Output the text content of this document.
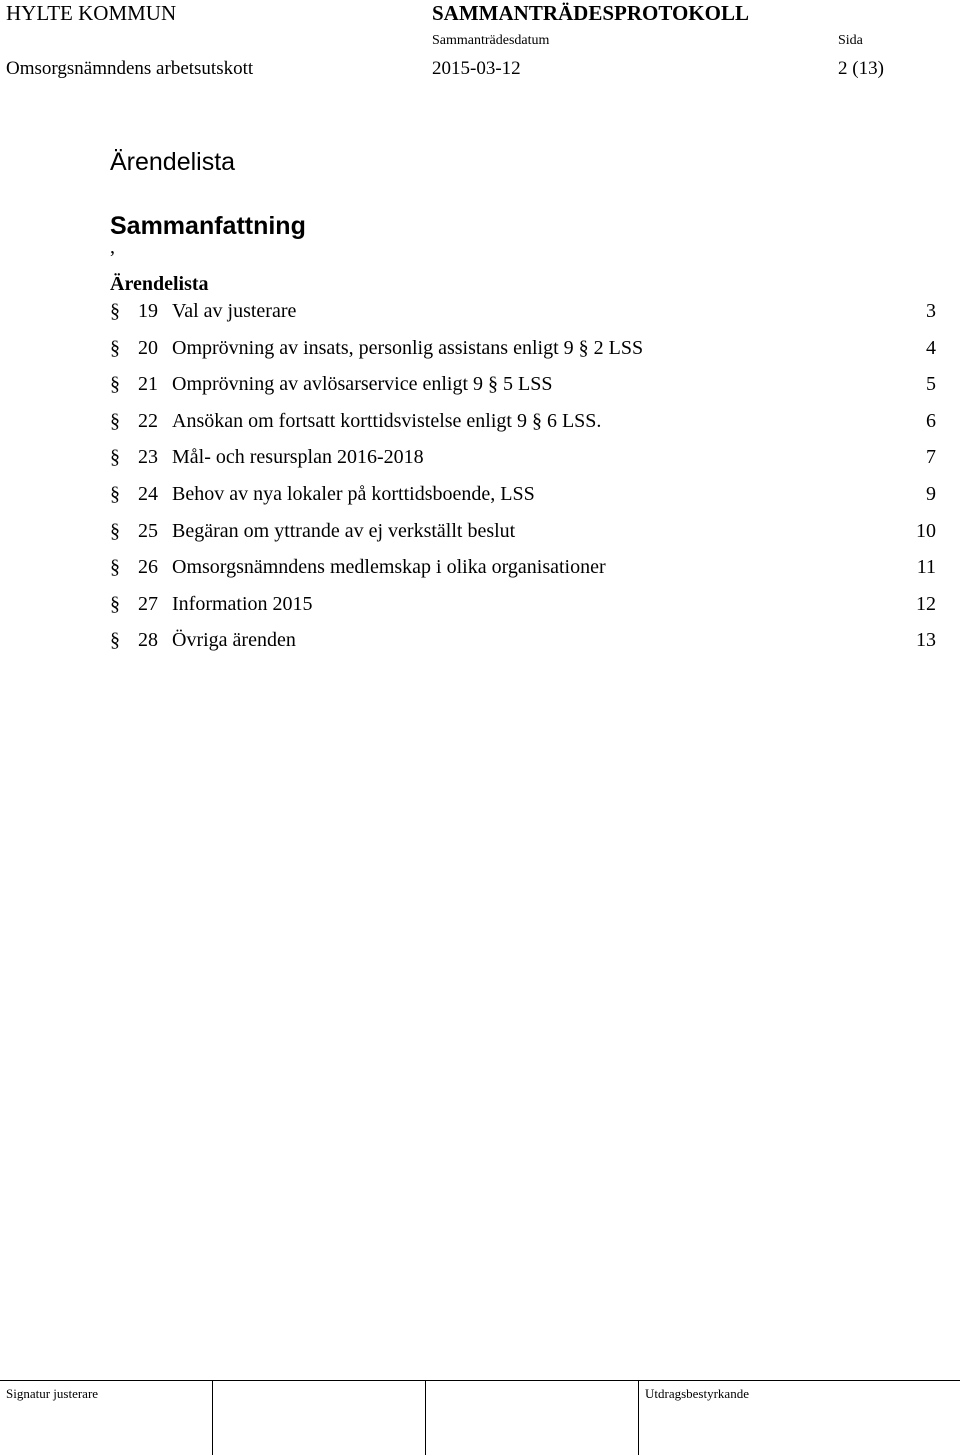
HYLTE KOMMUN	SAMMANTRÄDESPROTOKOLL
Sammanträdesdatum	Sida
Omsorgsnämndens arbetsutskott	2015-03-12	2 (13)
Ärendelista
Sammanfattning
,
Ärendelista
§ 19 Val av justerare	3
§ 20 Omprövning av insats, personlig assistans enligt 9 § 2 LSS	4
§ 21 Omprövning av avlösarservice enligt 9 § 5 LSS	5
§ 22 Ansökan om fortsatt korttidsvistelse enligt 9 § 6 LSS.	6
§ 23 Mål- och resursplan 2016-2018	7
§ 24 Behov av nya lokaler på korttidsboende, LSS	9
§ 25 Begäran om yttrande av ej verkställt beslut	10
§ 26 Omsorgsnämndens medlemskap i olika organisationer	11
§ 27 Information 2015	12
§ 28 Övriga ärenden	13
Signatur justerare	Utdragsbestyrkande
